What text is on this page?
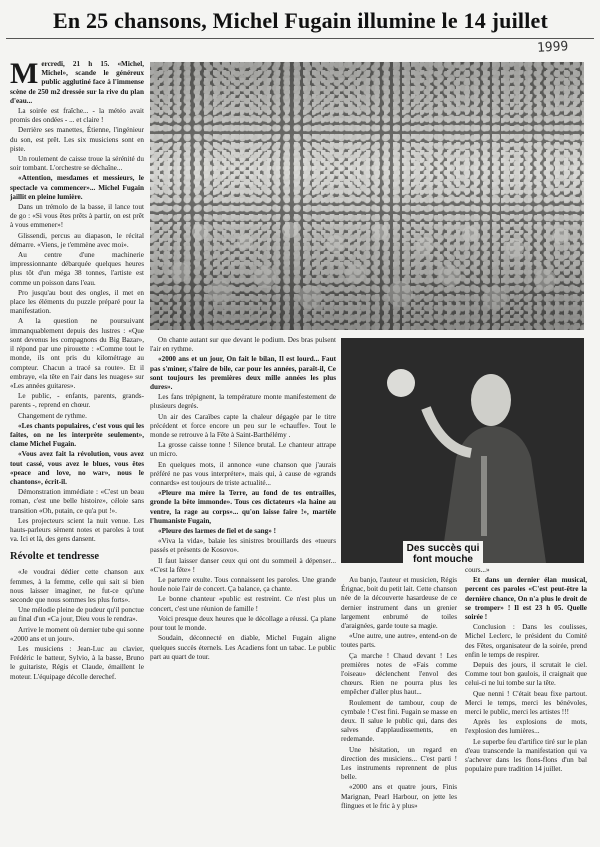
En 25 chansons, Michel Fugain illumine le 14 juillet
1999

Mercredi, 21 h 15. «Michel, Michel», scande le généreux public agglutiné face à l'immense scène de 250 m2 dressée sur la rive du plan d'eau...

La soirée est fraîche... - la météo avait promis des ondées - ... et claire !

Derrière ses manettes, Étienne, l'ingénieur du son, est prêt. Les six musiciens sont en piste.

Un roulement de caisse troue la sérénité du soir tombant. L'orchestre se déchaîne...

«Attention, mesdames et messieurs, le spectacle va commencer»... Michel Fugain jaillit en pleine lumière.

Dans un trémolo de la basse, il lance tout de go : «Si vous êtes prêts à partir, on est prêt à vous emmener»!

Glissendi, percus au diapason, le récital démarre. «Viens, je t'emmène avec moi».

Au centre d'une machinerie impressionnante débarquée quelques heures plus tôt d'un méga 38 tonnes, l'artiste est comme un poisson dans l'eau.

Pro jusqu'au bout des ongles, il met en place les éléments du puzzle préparé pour la manifestation.

A la question ne poursuivant immanquablement depuis des lustres : «Que sont devenus les compagnons du Big Bazar», il répond par une pirouette : «Comme tout le monde, ils ont pris du kilométrage au compteur. Chacun a tracé sa route». Et il embraye, «la tête en l'air dans les nuages» sur «Les années guitares».

Le public, - enfants, parents, grands-parents -, reprend en chœur.

Changement de rythme.

«Les chants populaires, c'est vous qui les faites, on ne les interprète seulement», clame Michel Fugain.

«Vous avez fait la révolution, vous avez tout cassé, vous avez le blues, vous êtes «peace and love, no war», nous le chantons», écrit-il.

Démonstration immédiate : «C'est un beau roman, c'est une belle histoire», céloie sans transition «Oh, putain, ce qu'a put !».

Les projecteurs scient la nuit venue. Les hauts-parleurs sèment notes et paroles à tout va. Ici et là, des gens dansent.

Révolte et tendresse

«Je voudrai dédier cette chanson aux femmes, à la femme, celle qui sait si bien nous laisser imaginer, ne fut-ce qu'une seconde que nous sommes les plus forts».

Une mélodie pleine de pudeur qu'il ponctue au final d'un «Ca jour, Dieu vous le rendra».

Arrive le moment où dernier tube qui sonne «2000 ans et un jour».

Les musiciens : Jean-Luc au clavier, Frédéric le batteur, Sylvio, à la basse, Bruno le guitariste, Régis et Claude, émaillent le moteur. L'équipage décolle derechef.

On chante autant sur que devant le podium. Des bras pulsent l'air en rythme.

«2000 ans et un jour, On fait le bilan, Il est lourd... Faut pas s'miner, s'faire de bile, car pour les années, paraît-il, Ce sont toujours les premières deux mille années les plus dures».

Les fans trépignent, la température monte manifestement de plusieurs degrés.

Un air des Caraïbes capte la chaleur dégagée par le titre précédent et force encore un peu sur le «chauffe». Tout le monde se retrouve à la Fête à Saint-Barthélémy .

La grosse caisse tonne ! Silence brutal. Le chanteur attrape un micro.

En quelques mots, il annonce «une chanson que j'aurais préféré ne pas vous interpréter», mais qui, à cause de «grands connards» est toujours de triste actualité...

«Pleure ma mère la Terre, au fond de tes entrailles, gronde la bête immonde». Tous ces dictateurs «la haine au ventre, la rage au corps»... qu'on laisse faire !», martèle l'humaniste Fugain,

«Pleure des larmes de fiel et de sang» !

«Viva la vida», balaie les sinistres brouillards des «tueurs passés et présents de Kosovo».

Il faut laisser danser ceux qui ont du sommeil à dépenser... «C'est la fête» !

Le parterre exulte. Tous connaissent les paroles. Une grande houle noie l'air de concert. Ça balance, ça chante.

Le bonne chanteur «public est restreint. Ce n'est plus un concert, c'est une réunion de famille !

Voici presque deux heures que le décollage a réussi. Ça plane pour tout le monde.

Soudain, déconnecté en diable, Michel Fugain aligne quelques succès éternels. Les Acadiens font un tabac. Le public part au quart de tour.

Des succès qui font mouche

Au banjo, l'auteur et musicien, Régis Érignac, boit du petit lait. Cette chanson née de la découverte hasardeuse de ce dernier instrument dans un grenier largement enbrumé de toiles d'araignées, garde toute sa magie.

«Une autre, une autre», entend-on de toutes parts.

Ça marche ! Chaud devant ! Les premières notes de «Fais comme l'oiseau» déclenchent l'envol des chœurs. Rien ne pourra plus les empêcher d'aller plus haut...

Roulement de tambour, coup de cymbale ! C'est fini. Fugain se masse en deux. Il salue le public qui, dans des salves d'applaudissements, en redemande.

Une hésitation, un regard en direction des musiciens... C'est parti ! Les instruments reprennent de plus belle.

«2000 ans et quatre jours, Finis Marignan, Pearl Harbour, on jette les flingues et le fric à y plus»

cours...»

Et dans un dernier élan musical, percent ces paroles «C'est peut-être la dernière chance, On n'a plus le droit de se tromper» ! Il est 23 h 05. Quelle soirée !

Conclusion : Dans les coulisses, Michel Leclerc, le président du Comité des Fêtes, organisateur de la soirée, prend enfin le temps de respirer.

Depuis des jours, il scrutait le ciel. Comme tout bon gaulois, il craignait que celui-ci ne lui tombe sur la tête.

Que nenni ! C'était beau fixe partout. Merci le temps, merci les bénévoles, merci le public, merci les artistes !!!

Après les explosions de mots, l'explosion des lumières...

Le superbe feu d'artifice tiré sur le plan d'eau transcende la manifestation qui va s'achever dans les flons-flons d'un bal populaire pure tradition 14 juillet.
